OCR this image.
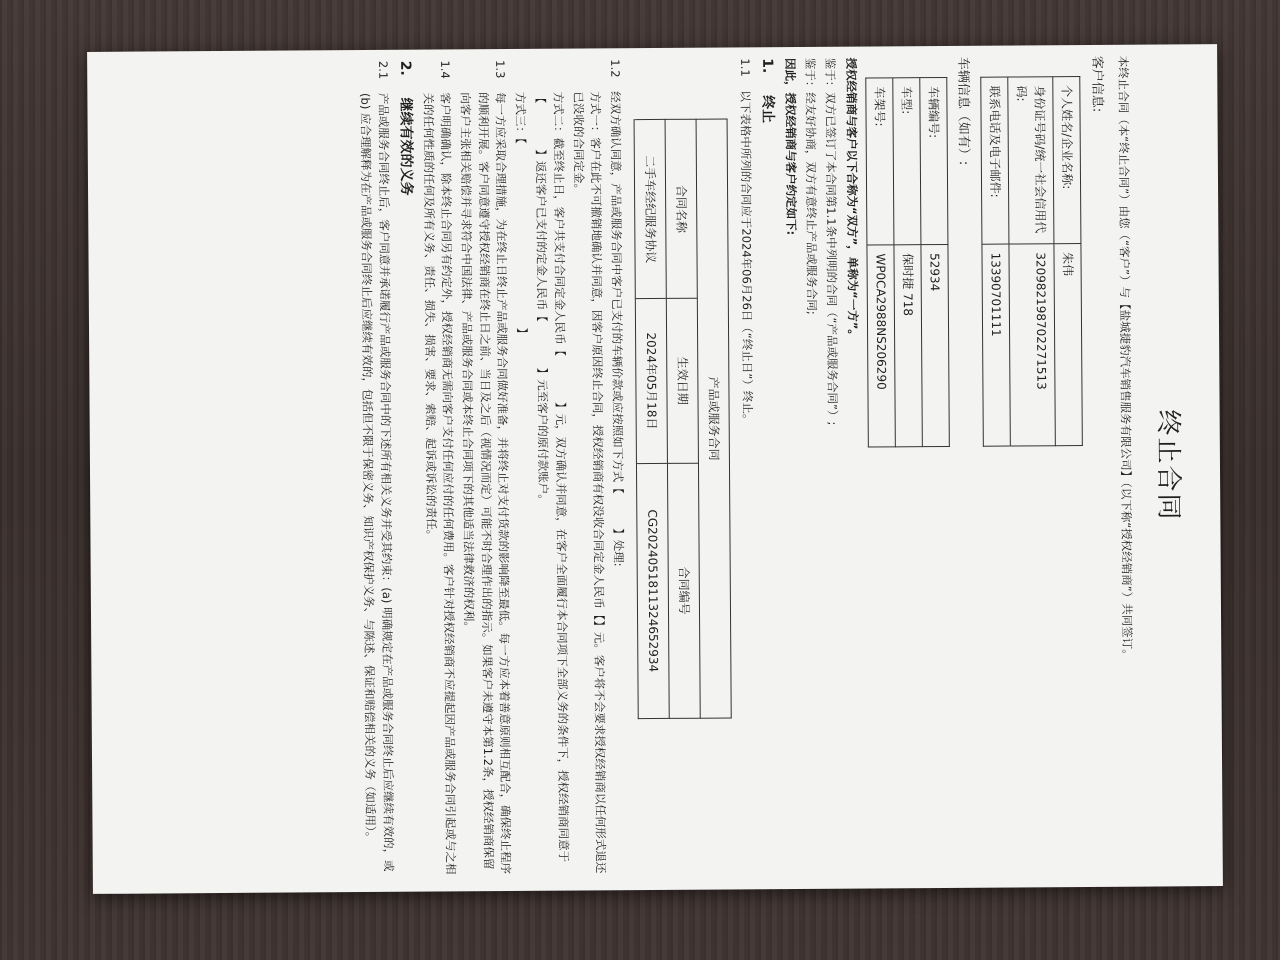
终止合同
本终止合同（本“终止合同”）由您（“客户”）与【盐城捷豹汽车销售服务有限公司】（以下称“授权经销商”）共同签订。
客户信息:
个人姓名/企业名称:	朱伟
身份证号码/统一社会信用代码:	320982198702271513
联系电话及电子邮件:	13390701111
车辆信息（如有）:
车辆编号:	52934
车型:	保时捷 718
车架号:	WP0CA2988NS206290
授权经销商与客户以下合称为“双方”，单称为“一方”。
鉴于：双方已签订了本合同第1.1条中列明的合同（“产品或服务合同”）;
鉴于：经友好协商，双方有意终止产品或服务合同;
因此，授权经销商与客户约定如下:
1. 终止
1.1以下表格中所列的合同应于2024年06月26日（“终止日”）终止。
产品或服务合同		
合同名称	生效日期	合同编号
二手车经纪服务协议	2024年05月18日	CG202405181132465293​4
1.2经双方确认同意，产品或服务合同中客户已支付的车辆价款或应按照如下方式【　　　】处理:
方式一：客户在此不可撤销地确认并同意，因客户原因终止合同，授权经销商有权没收合同定金人民币【】元。客户将不会要求授权经销商以任何形式退还已没收的合同定金。
方式二：截至终止日，客户共支付合同定金人民币【　　　　】元，双方确认并同意，在客户全面履行本合同项下全部义务的条件下，授权经销商同意于【　　　　】返还客户已支付的定金人民币【　　　　】元至客户的原付款账户。
方式三：【　　　　　　　　　　　　　　　　】
1.3每一方应采取合理措施，为在终止日终止产品或服务合同做好准备，并将终止对支付货款的影响降至最低。每一方应本着善意原则相互配合，确保终止程序的顺利开展。客户同意遵守授权经销商在终止日之前、当日及之后（视情况而定）可能不时合理作出的指示。如果客户未遵守本第1.2条，授权经销商保留向客户主张相关赔偿并寻求符合中国法律、产品或服务合同或本终止合同项下的其他适当法律救济的权利。
1.4客户明确确认，除本终止合同另有约定外，授权经销商无需向客户支付任何应付的任何费用。客户针对授权经销商不应提起因产品或服务合同引起或与之相关的任何性质的任何及所有义务、责任、损失、损害、要求、索赔、起诉或诉讼的责任。
2. 继续有效的义务
2.1产品或服务合同终止后，客户同意并承诺履行产品或服务合同中的下述所有相关义务并受其约束：(a) 明确规定在产品或服务合同终止后应继续有效的，或 (b) 应合理解释为在产品或服务合同终止后应继续有效的，包括但不限于保密义务、知识产权保护义务、与陈述、保证和赔偿相关的义务（如适用）。
